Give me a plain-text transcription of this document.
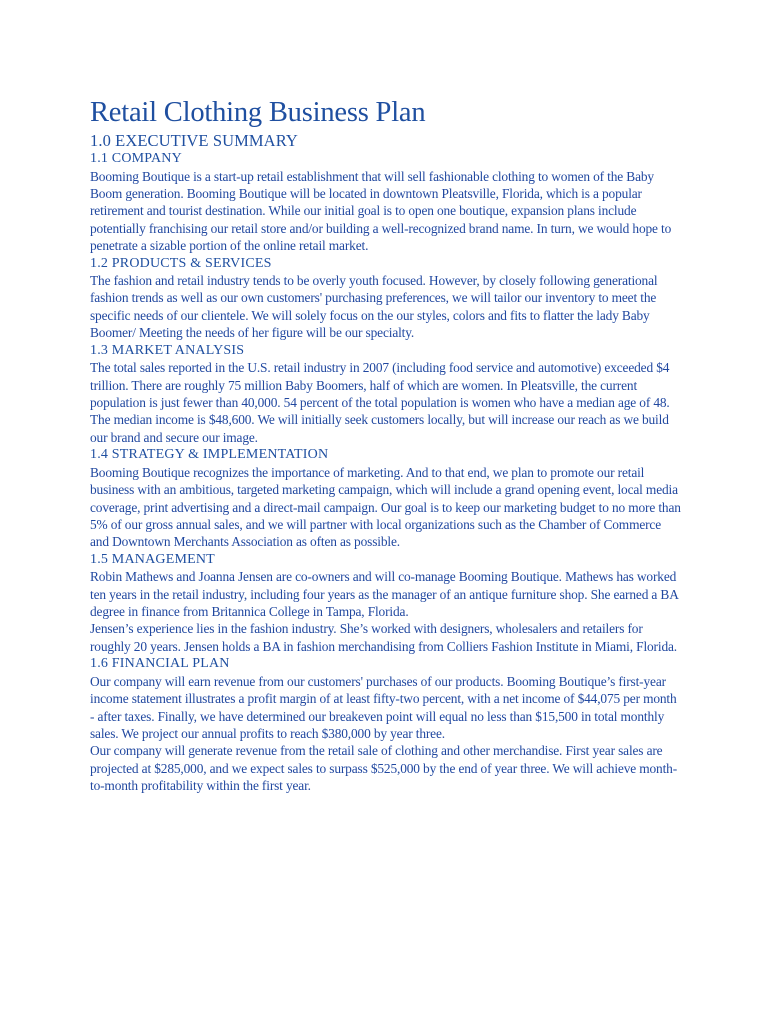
Retail Clothing Business Plan
1.0 EXECUTIVE SUMMARY
1.1 COMPANY

Booming Boutique is a start-up retail establishment that will sell fashionable clothing to women of the Baby Boom generation. Booming Boutique will be located in downtown Pleatsville, Florida, which is a popular retirement and tourist destination. While our initial goal is to open one boutique, expansion plans include potentially franchising our retail store and/or building a well-recognized brand name. In turn, we would hope to penetrate a sizable portion of the online retail market.

1.2 PRODUCTS & SERVICES

The fashion and retail industry tends to be overly youth focused. However, by closely following generational fashion trends as well as our own customers' purchasing preferences, we will tailor our inventory to meet the specific needs of our clientele. We will solely focus on the our styles, colors and fits to flatter the lady Baby Boomer/ Meeting the needs of her figure will be our specialty.

1.3 MARKET ANALYSIS

The total sales reported in the U.S. retail industry in 2007 (including food service and automotive) exceeded $4 trillion. There are roughly 75 million Baby Boomers, half of which are women. In Pleatsville, the current population is just fewer than 40,000. 54 percent of the total population is women who have a median age of 48. The median income is $48,600. We will initially seek customers locally, but will increase our reach as we build our brand and secure our image.

1.4 STRATEGY & IMPLEMENTATION

Booming Boutique recognizes the importance of marketing. And to that end, we plan to promote our retail business with an ambitious, targeted marketing campaign, which will include a grand opening event, local media coverage, print advertising and a direct-mail campaign. Our goal is to keep our marketing budget to no more than 5% of our gross annual sales, and we will partner with local organizations such as the Chamber of Commerce and Downtown Merchants Association as often as possible.

1.5 MANAGEMENT

Robin Mathews and Joanna Jensen are co-owners and will co-manage Booming Boutique. Mathews has worked ten years in the retail industry, including four years as the manager of an antique furniture shop. She earned a BA degree in finance from Britannica College in Tampa, Florida.

Jensen’s experience lies in the fashion industry. She’s worked with designers, wholesalers and retailers for roughly 20 years. Jensen holds a BA in fashion merchandising from Colliers Fashion Institute in Miami, Florida.

1.6 FINANCIAL PLAN

Our company will earn revenue from our customers' purchases of our products. Booming Boutique’s first-year income statement illustrates a profit margin of at least fifty-two percent, with a net income of $44,075 per month - after taxes. Finally, we have determined our breakeven point will equal no less than $15,500 in total monthly sales. We project our annual profits to reach $380,000 by year three.

Our company will generate revenue from the retail sale of clothing and other merchandise. First year sales are projected at $285,000, and we expect sales to surpass $525,000 by the end of year three. We will achieve month-to-month profitability within the first year.
